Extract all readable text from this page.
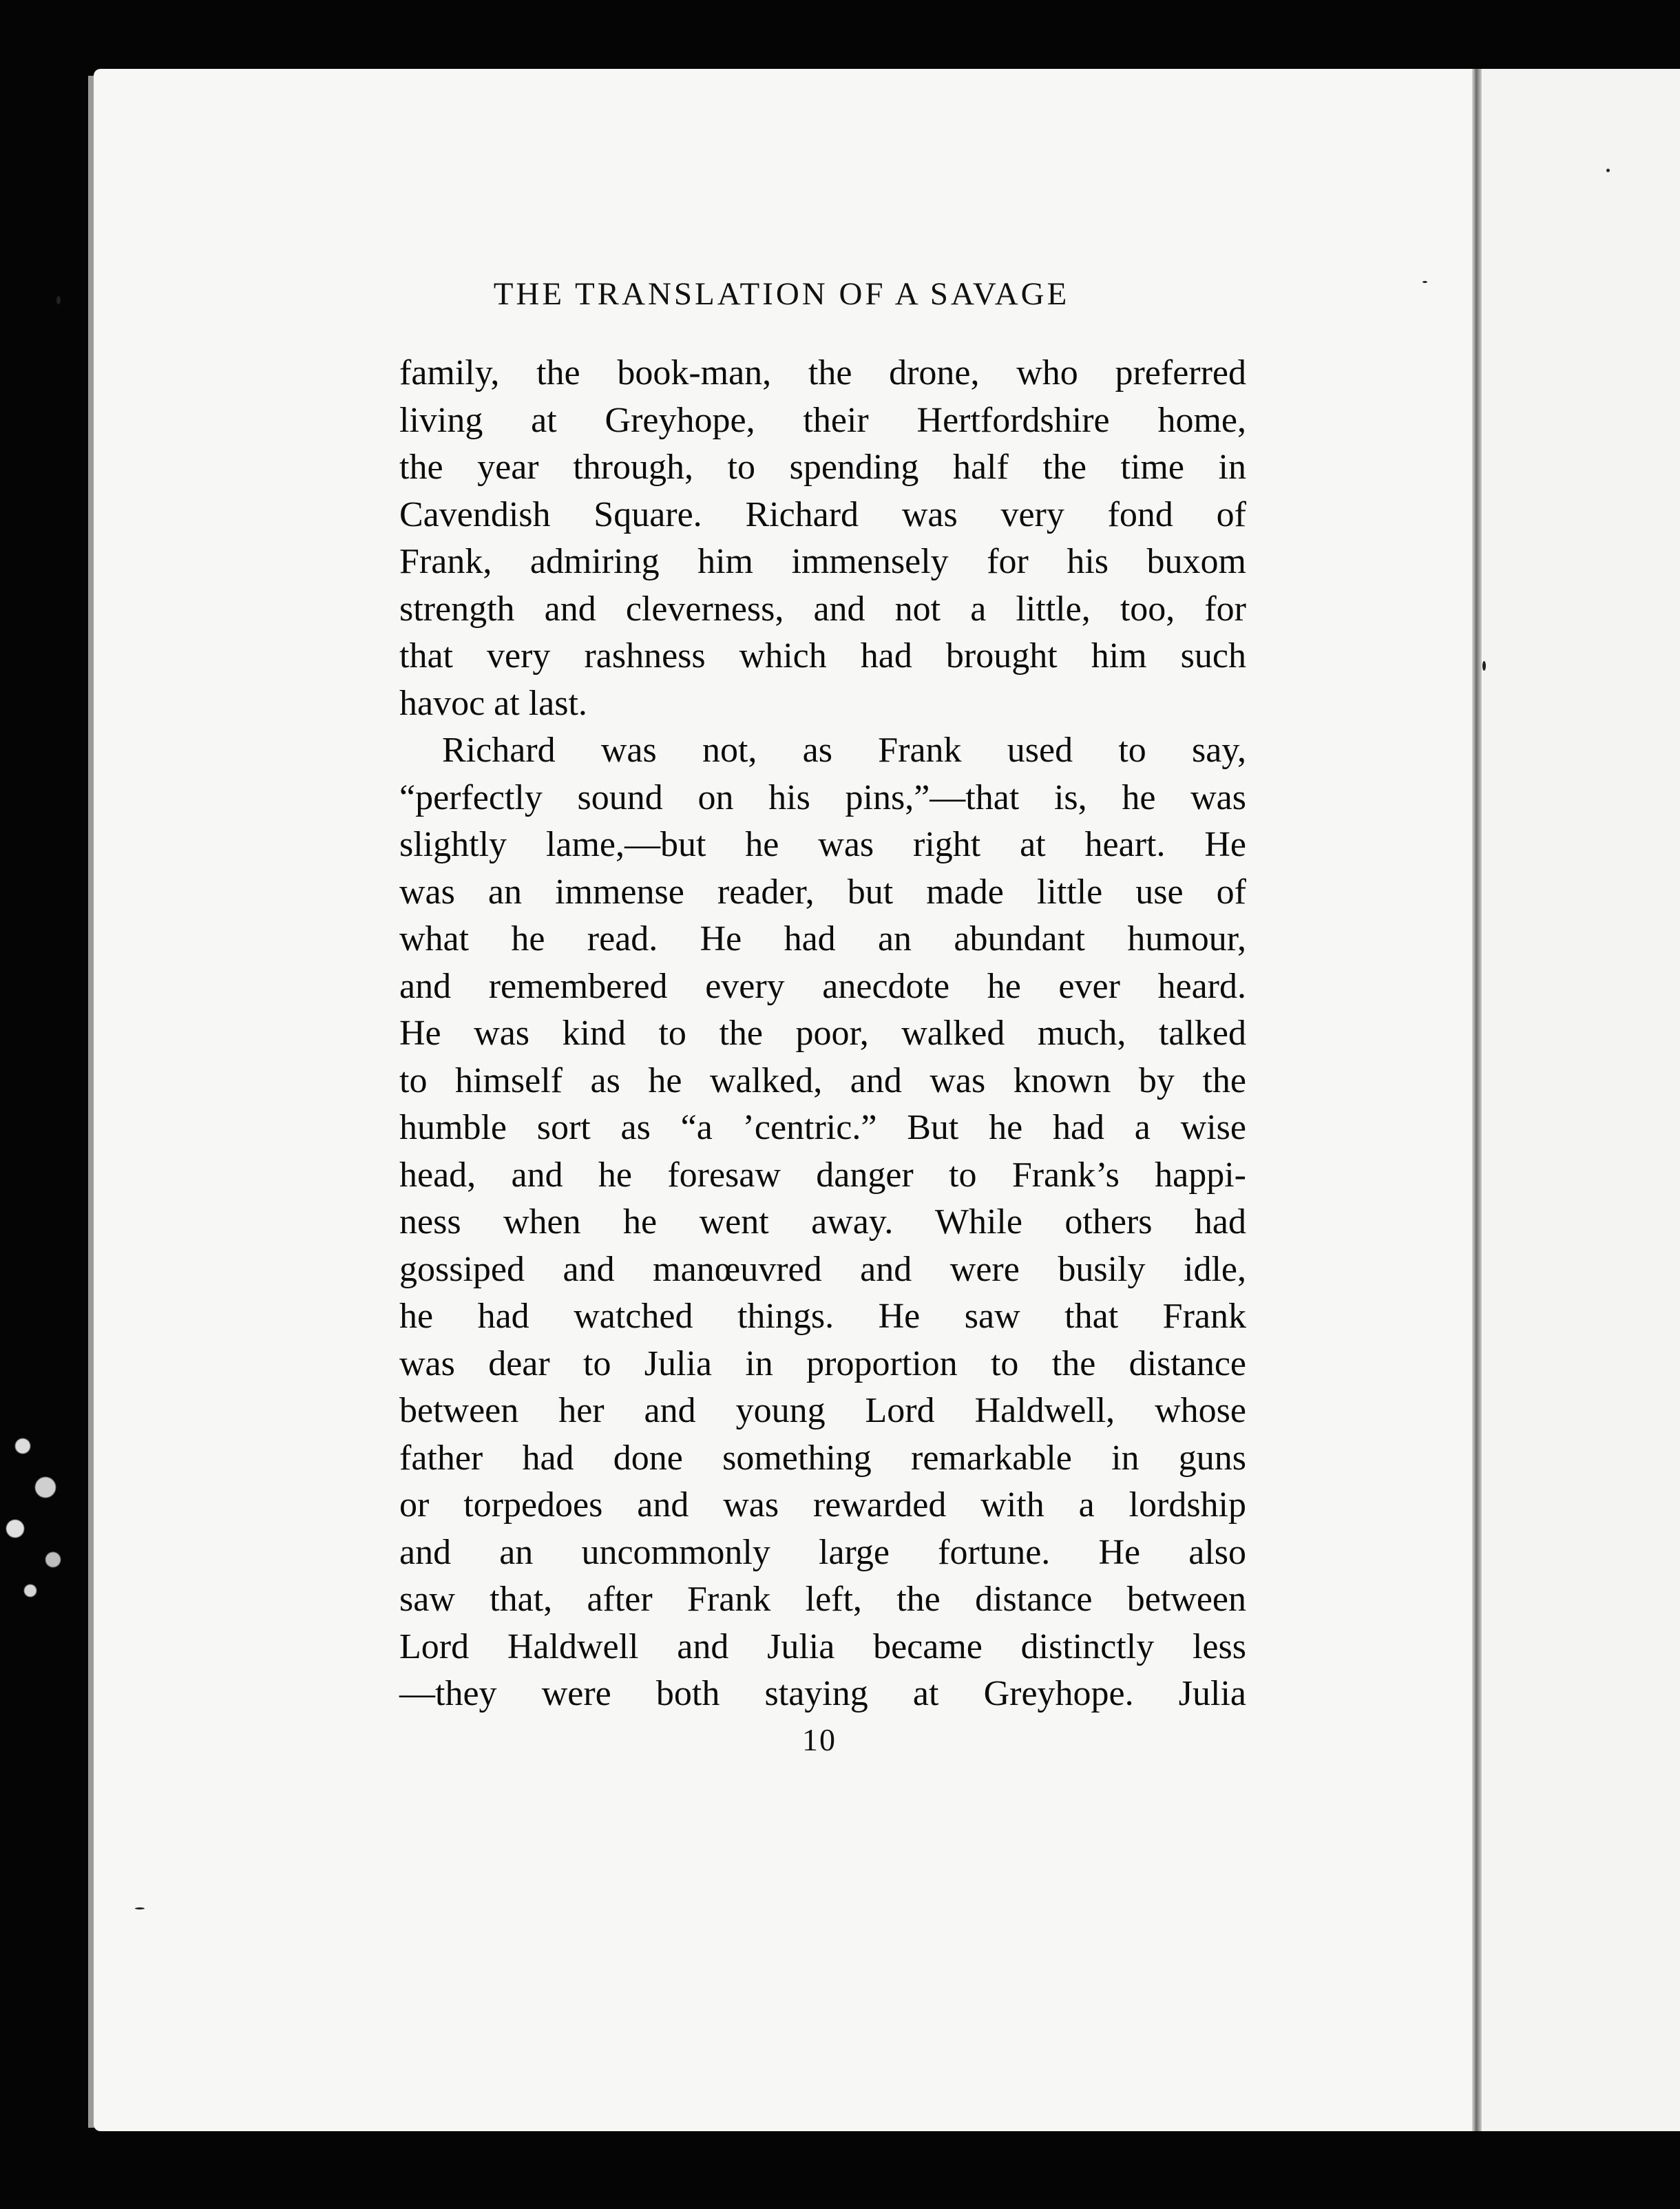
THE TRANSLATION OF A SAVAGE

family, the book-man, the drone, who preferred
living at Greyhope, their Hertfordshire home,
the year through, to spending half the time in
Cavendish Square. Richard was very fond of
Frank, admiring him immensely for his buxom
strength and cleverness, and not a little, too, for
that very rashness which had brought him such
havoc at last.

Richard was not, as Frank used to say,
“perfectly sound on his pins,”—that is, he was
slightly lame,—but he was right at heart. He
was an immense reader, but made little use of
what he read. He had an abundant humour,
and remembered every anecdote he ever heard.
He was kind to the poor, walked much, talked
to himself as he walked, and was known by the
humble sort as “a ’centric.” But he had a wise
head, and he foresaw danger to Frank’s happi-
ness when he went away. While others had
gossiped and manœuvred and were busily idle,
he had watched things. He saw that Frank
was dear to Julia in proportion to the distance
between her and young Lord Haldwell, whose
father had done something remarkable in guns
or torpedoes and was rewarded with a lordship
and an uncommonly large fortune. He also
saw that, after Frank left, the distance between
Lord Haldwell and Julia became distinctly less
—they were both staying at Greyhope. Julia

10
